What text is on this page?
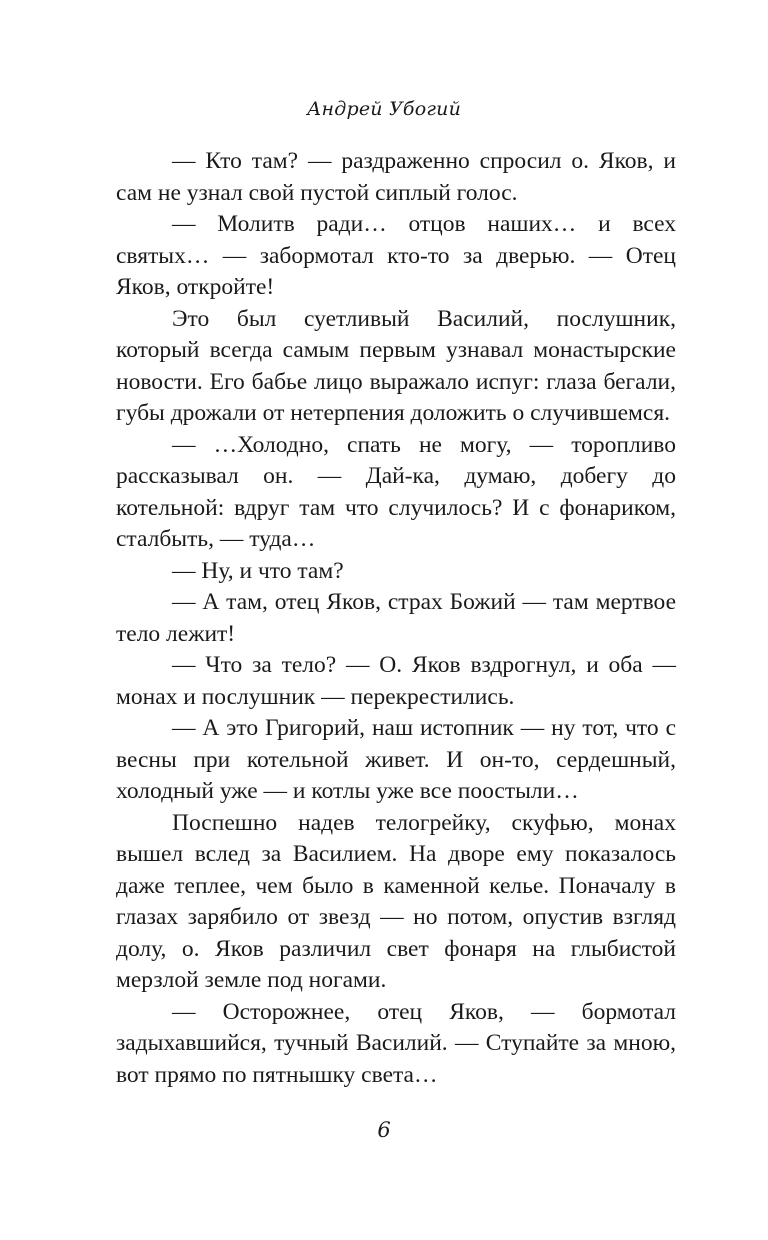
Андрей Убогий

— Кто там? — раздраженно спросил о. Яков, и сам не узнал свой пустой сиплый голос.

— Молитв ради… отцов наших… и всех святых… — забормотал кто-то за дверью. — Отец Яков, откройте!

Это был суетливый Василий, послушник, который всегда самым первым узнавал монастырские новости. Его бабье лицо выражало испуг: глаза бегали, губы дрожали от нетерпения доложить о случившемся.

— …Холодно, спать не могу, — торопливо рассказывал он. — Дай-ка, думаю, добегу до котельной: вдруг там что случилось? И с фонариком, сталбыть, — туда…

— Ну, и что там?

— А там, отец Яков, страх Божий — там мертвое тело лежит!

— Что за тело? — О. Яков вздрогнул, и оба — монах и послушник — перекрестились.

— А это Григорий, наш истопник — ну тот, что с весны при котельной живет. И он-то, сердешный, холодный уже — и котлы уже все поостыли…

Поспешно надев телогрейку, скуфью, монах вышел вслед за Василием. На дворе ему показалось даже теплее, чем было в каменной келье. Поначалу в глазах зарябило от звезд — но потом, опустив взгляд долу, о. Яков различил свет фонаря на глыбистой мерзлой земле под ногами.

— Осторожнее, отец Яков, — бормотал задыхавшийся, тучный Василий. — Ступайте за мною, вот прямо по пятнышку света…

6
